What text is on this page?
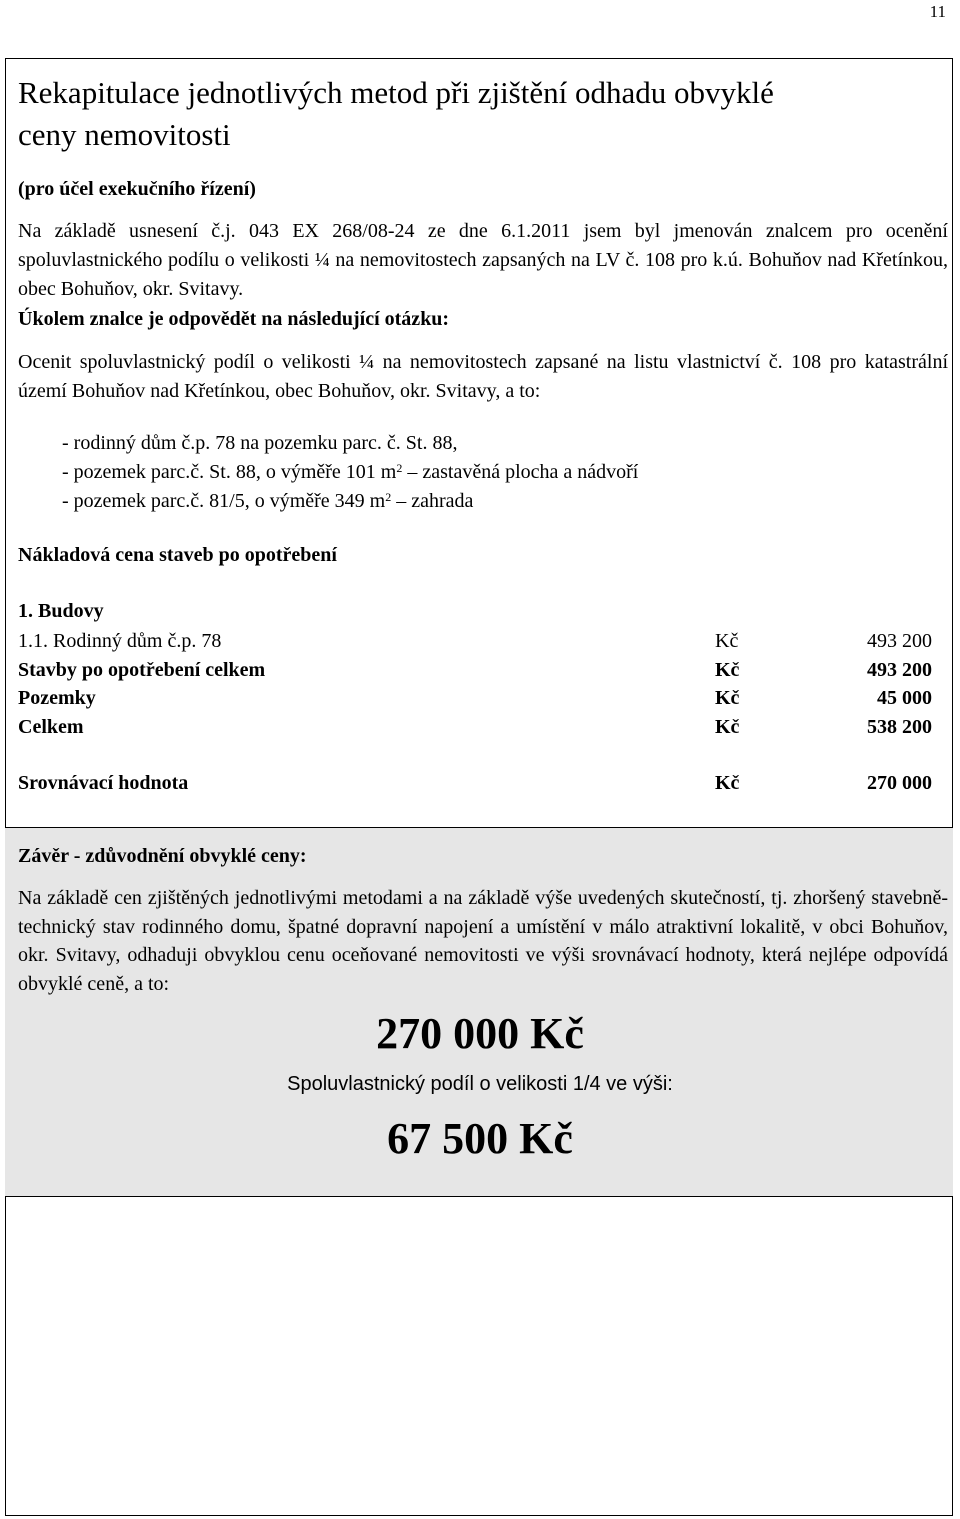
11
Rekapitulace jednotlivých metod při zjištění odhadu obvyklé
ceny nemovitosti
(pro účel exekučního řízení)
Na základě usnesení č.j. 043 EX 268/08-24 ze dne 6.1.2011 jsem byl jmenován znalcem pro ocenění spoluvlastnického podílu o velikosti ¼ na nemovitostech zapsaných na LV č. 108 pro k.ú. Bohuňov nad Křetínkou, obec Bohuňov, okr. Svitavy.
Úkolem znalce je odpovědět na následující otázku:
Ocenit spoluvlastnický podíl o velikosti ¼ na nemovitostech zapsané na listu vlastnictví č. 108 pro katastrální území Bohuňov nad Křetínkou, obec Bohuňov, okr. Svitavy, a to:
- rodinný dům č.p. 78 na pozemku parc. č. St. 88,
- pozemek parc.č. St. 88, o výměře 101 $m^2$ – zastavěná plocha a nádvoří
- pozemek parc.č. 81/5, o výměře 349 $m^2$ – zahrada
Nákladová cena staveb po opotřebení
1. Budovy
1.1. Rodinný dům č.p. 78	Kč	493 200
Stavby po opotřebení celkem	Kč	493 200
Pozemky	Kč	45 000
Celkem	Kč	538 200
Srovnávací hodnota	Kč	270 000
Závěr - zdůvodnění obvyklé ceny:
Na základě cen zjištěných jednotlivými metodami a na základě výše uvedených skutečností, tj. zhoršený stavebně-technický stav rodinného domu, špatné dopravní napojení a umístění v málo atraktivní lokalitě, v obci Bohuňov, okr. Svitavy, odhaduji obvyklou cenu oceňované nemovitosti ve výši srovnávací hodnoty, která nejlépe odpovídá obvyklé ceně, a to:
270 000 Kč
Spoluvlastnický podíl o velikosti 1/4 ve výši:
67 500 Kč
